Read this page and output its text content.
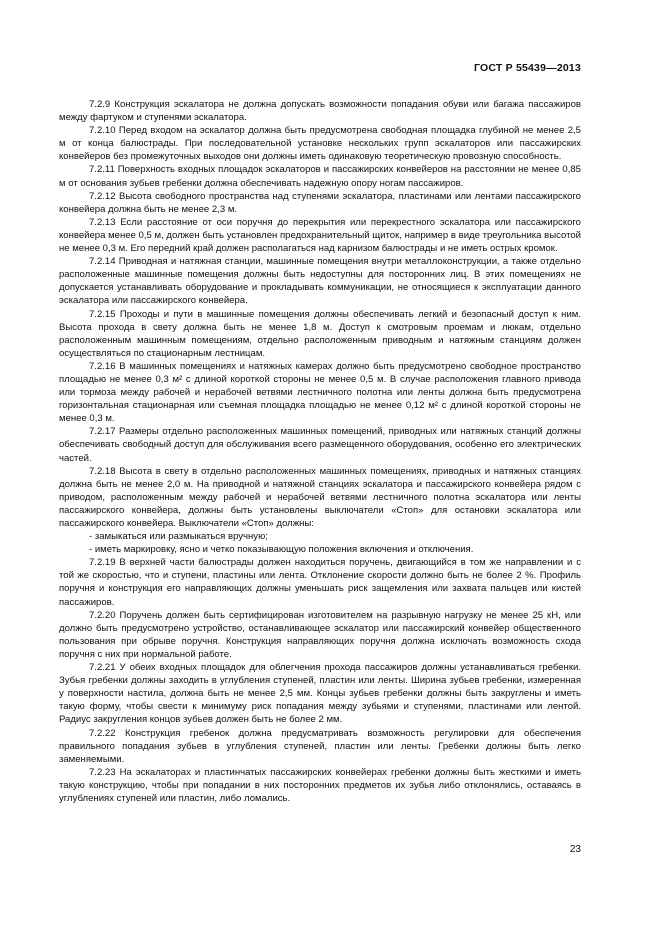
ГОСТ Р 55439—2013

7.2.9 Конструкция эскалатора не должна допускать возможности попадания обуви или багажа пассажиров между фартуком и ступенями эскалатора.

7.2.10 Перед входом на эскалатор должна быть предусмотрена свободная площадка глубиной не менее 2,5 м от конца балюстрады. При последовательной установке нескольких групп эскалаторов или пассажирских конвейеров без промежуточных выходов они должны иметь одинаковую теоретическую провозную способность.

7.2.11 Поверхность входных площадок эскалаторов и пассажирских конвейеров на расстоянии не менее 0,85 м от основания зубьев гребенки должна обеспечивать надежную опору ногам пассажиров.

7.2.12 Высота свободного пространства над ступенями эскалатора, пластинами или лентами пассажирского конвейера должна быть не менее 2,3 м.

7.2.13 Если расстояние от оси поручня до перекрытия или перекрестного эскалатора или пассажирского конвейера менее 0,5 м, должен быть установлен предохранительный щиток, например в виде треугольника высотой не менее 0,3 м. Его передний край должен располагаться над карнизом балюстрады и не иметь острых кромок.

7.2.14 Приводная и натяжная станции, машинные помещения внутри металлоконструкции, а также отдельно расположенные машинные помещения должны быть недоступны для посторонних лиц. В этих помещениях не допускается устанавливать оборудование и прокладывать коммуникации, не относящиеся к эксплуатации данного эскалатора или пассажирского конвейера.

7.2.15 Проходы и пути в машинные помещения должны обеспечивать легкий и безопасный доступ к ним. Высота прохода в свету должна быть не менее 1,8 м. Доступ к смотровым проемам и люкам, отдельно расположенным машинным помещениям, отдельно расположенным приводным и натяжным станциям должен осуществляться по стационарным лестницам.

7.2.16 В машинных помещениях и натяжных камерах должно быть предусмотрено свободное пространство площадью не менее 0,3 м² с длиной короткой стороны не менее 0,5 м. В случае расположения главного привода или тормоза между рабочей и нерабочей ветвями лестничного полотна или ленты должна быть предусмотрена горизонтальная стационарная или съемная площадка площадью не менее 0,12 м² с длиной короткой стороны не менее 0,3 м.

7.2.17 Размеры отдельно расположенных машинных помещений, приводных или натяжных станций должны обеспечивать свободный доступ для обслуживания всего размещенного оборудования, особенно его электрических частей.

7.2.18 Высота в свету в отдельно расположенных машинных помещениях, приводных и натяжных станциях должна быть не менее 2,0 м. На приводной и натяжной станциях эскалатора и пассажирского конвейера рядом с приводом, расположенным между рабочей и нерабочей ветвями лестничного полотна эскалатора или ленты пассажирского конвейера, должны быть установлены выключатели «Стоп» для остановки эскалатора или пассажирского конвейера. Выключатели «Стоп» должны:

- замыкаться или размыкаться вручную;

- иметь маркировку, ясно и четко показывающую положения включения и отключения.

7.2.19 В верхней части балюстрады должен находиться поручень, двигающийся в том же направлении и с той же скоростью, что и ступени, пластины или лента. Отклонение скорости должно быть не более 2 %. Профиль поручня и конструкция его направляющих должны уменьшать риск защемления или захвата пальцев или кистей пассажиров.

7.2.20 Поручень должен быть сертифицирован изготовителем на разрывную нагрузку не менее 25 кН, или должно быть предусмотрено устройство, останавливающее эскалатор или пассажирский конвейер общественного пользования при обрыве поручня. Конструкция направляющих поручня должна исключать возможность схода поручня с них при нормальной работе.

7.2.21 У обеих входных площадок для облегчения прохода пассажиров должны устанавливаться гребенки. Зубья гребенки должны заходить в углубления ступеней, пластин или ленты. Ширина зубьев гребенки, измеренная у поверхности настила, должна быть не менее 2,5 мм. Концы зубьев гребенки должны быть закруглены и иметь такую форму, чтобы свести к минимуму риск попадания между зубьями и ступенями, пластинами или лентой. Радиус закругления концов зубьев должен быть не более 2 мм.

7.2.22 Конструкция гребенок должна предусматривать возможность регулировки для обеспечения правильного попадания зубьев в углубления ступеней, пластин или ленты. Гребенки должны быть легко заменяемыми.

7.2.23 На эскалаторах и пластинчатых пассажирских конвейерах гребенки должны быть жесткими и иметь такую конструкцию, чтобы при попадании в них посторонних предметов их зубья либо отклонялись, оставаясь в углублениях ступеней или пластин, либо ломались.

23
